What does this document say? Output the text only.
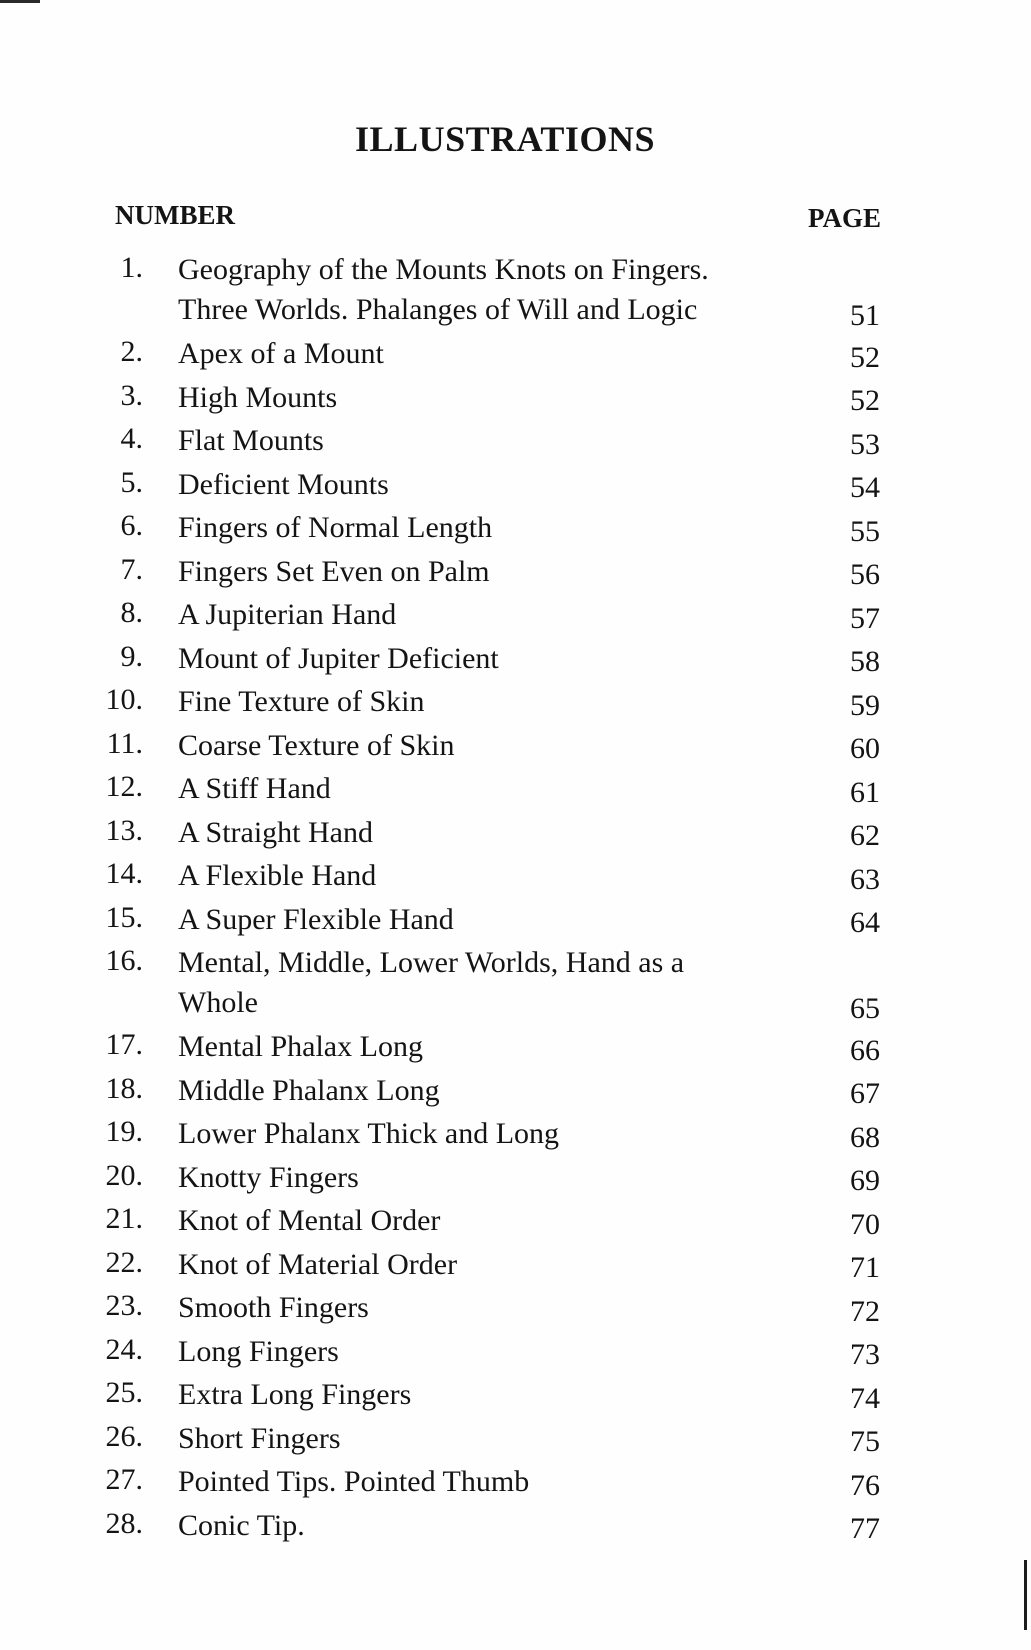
ILLUSTRATIONS
NUMBER	PAGE
1. Geography of the Mounts Knots on Fingers.
Three Worlds. Phalanges of Will and Logic	51
2. Apex of a Mount	52
3. High Mounts	52
4. Flat Mounts	53
5. Deficient Mounts	54
6. Fingers of Normal Length	55
7. Fingers Set Even on Palm	56
8. A Jupiterian Hand	57
9. Mount of Jupiter Deficient	58
10. Fine Texture of Skin	59
11. Coarse Texture of Skin	60
12. A Stiff Hand	61
13. A Straight Hand	62
14. A Flexible Hand	63
15. A Super Flexible Hand	64
16. Mental, Middle, Lower Worlds, Hand as a
Whole	65
17. Mental Phalax Long	66
18. Middle Phalanx Long	67
19. Lower Phalanx Thick and Long	68
20. Knotty Fingers	69
21. Knot of Mental Order	70
22. Knot of Material Order	71
23. Smooth Fingers	72
24. Long Fingers	73
25. Extra Long Fingers	74
26. Short Fingers	75
27. Pointed Tips. Pointed Thumb	76
28. Conic Tip.	77
